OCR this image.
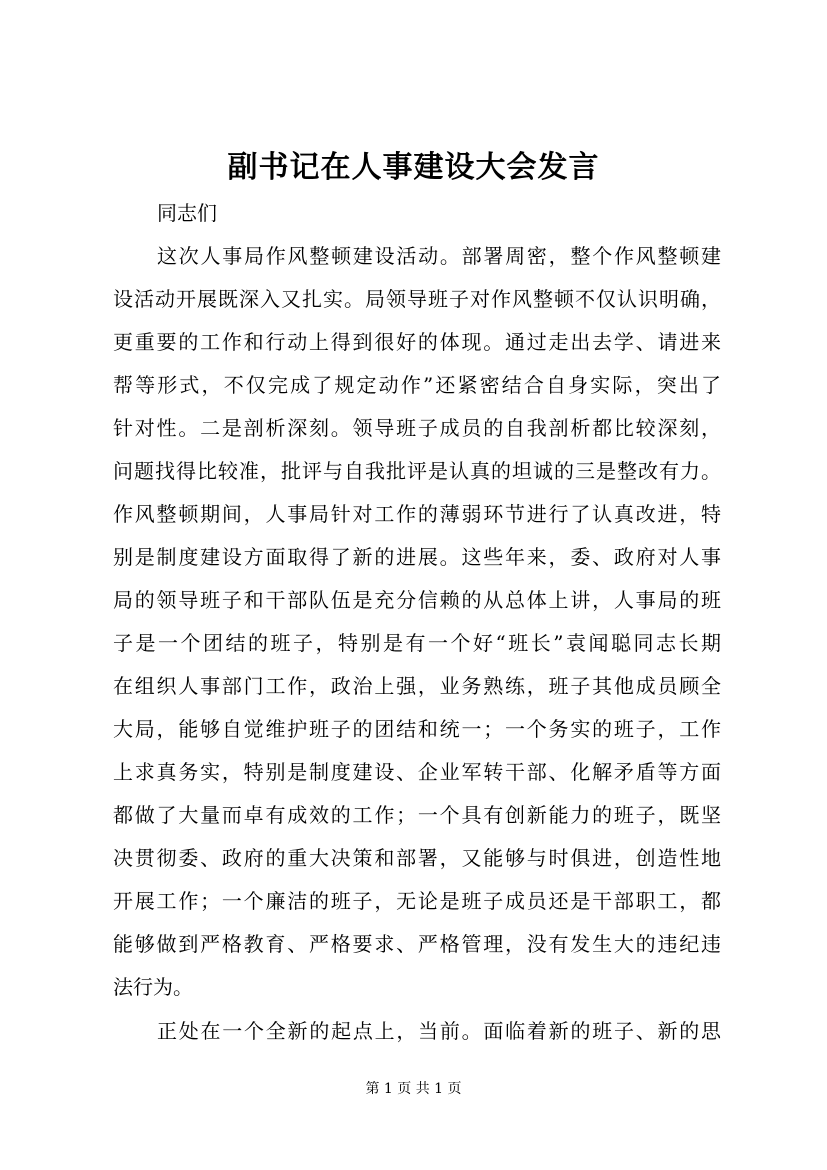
副书记在人事建设大会发言
同志们
这次人事局作风整顿建设活动。部署周密，整个作风整顿建
设活动开展既深入又扎实。局领导班子对作风整顿不仅认识明确，
更重要的工作和行动上得到很好的体现。通过走出去学、请进来
帮等形式，不仅完成了规定动作”还紧密结合自身实际，突出了
针对性。二是剖析深刻。领导班子成员的自我剖析都比较深刻，
问题找得比较准，批评与自我批评是认真的坦诚的三是整改有力。
作风整顿期间，人事局针对工作的薄弱环节进行了认真改进，特
别是制度建设方面取得了新的进展。这些年来，委、政府对人事
局的领导班子和干部队伍是充分信赖的从总体上讲，人事局的班
子是一个团结的班子，特别是有一个好“班长”袁闻聪同志长期
在组织人事部门工作，政治上强，业务熟练，班子其他成员顾全
大局，能够自觉维护班子的团结和统一；一个务实的班子，工作
上求真务实，特别是制度建设、企业军转干部、化解矛盾等方面
都做了大量而卓有成效的工作；一个具有创新能力的班子，既坚
决贯彻委、政府的重大决策和部署，又能够与时俱进，创造性地
开展工作；一个廉洁的班子，无论是班子成员还是干部职工，都
能够做到严格教育、严格要求、严格管理，没有发生大的违纪违
法行为。
正处在一个全新的起点上，当前。面临着新的班子、新的思
第 1 页 共 1 页
